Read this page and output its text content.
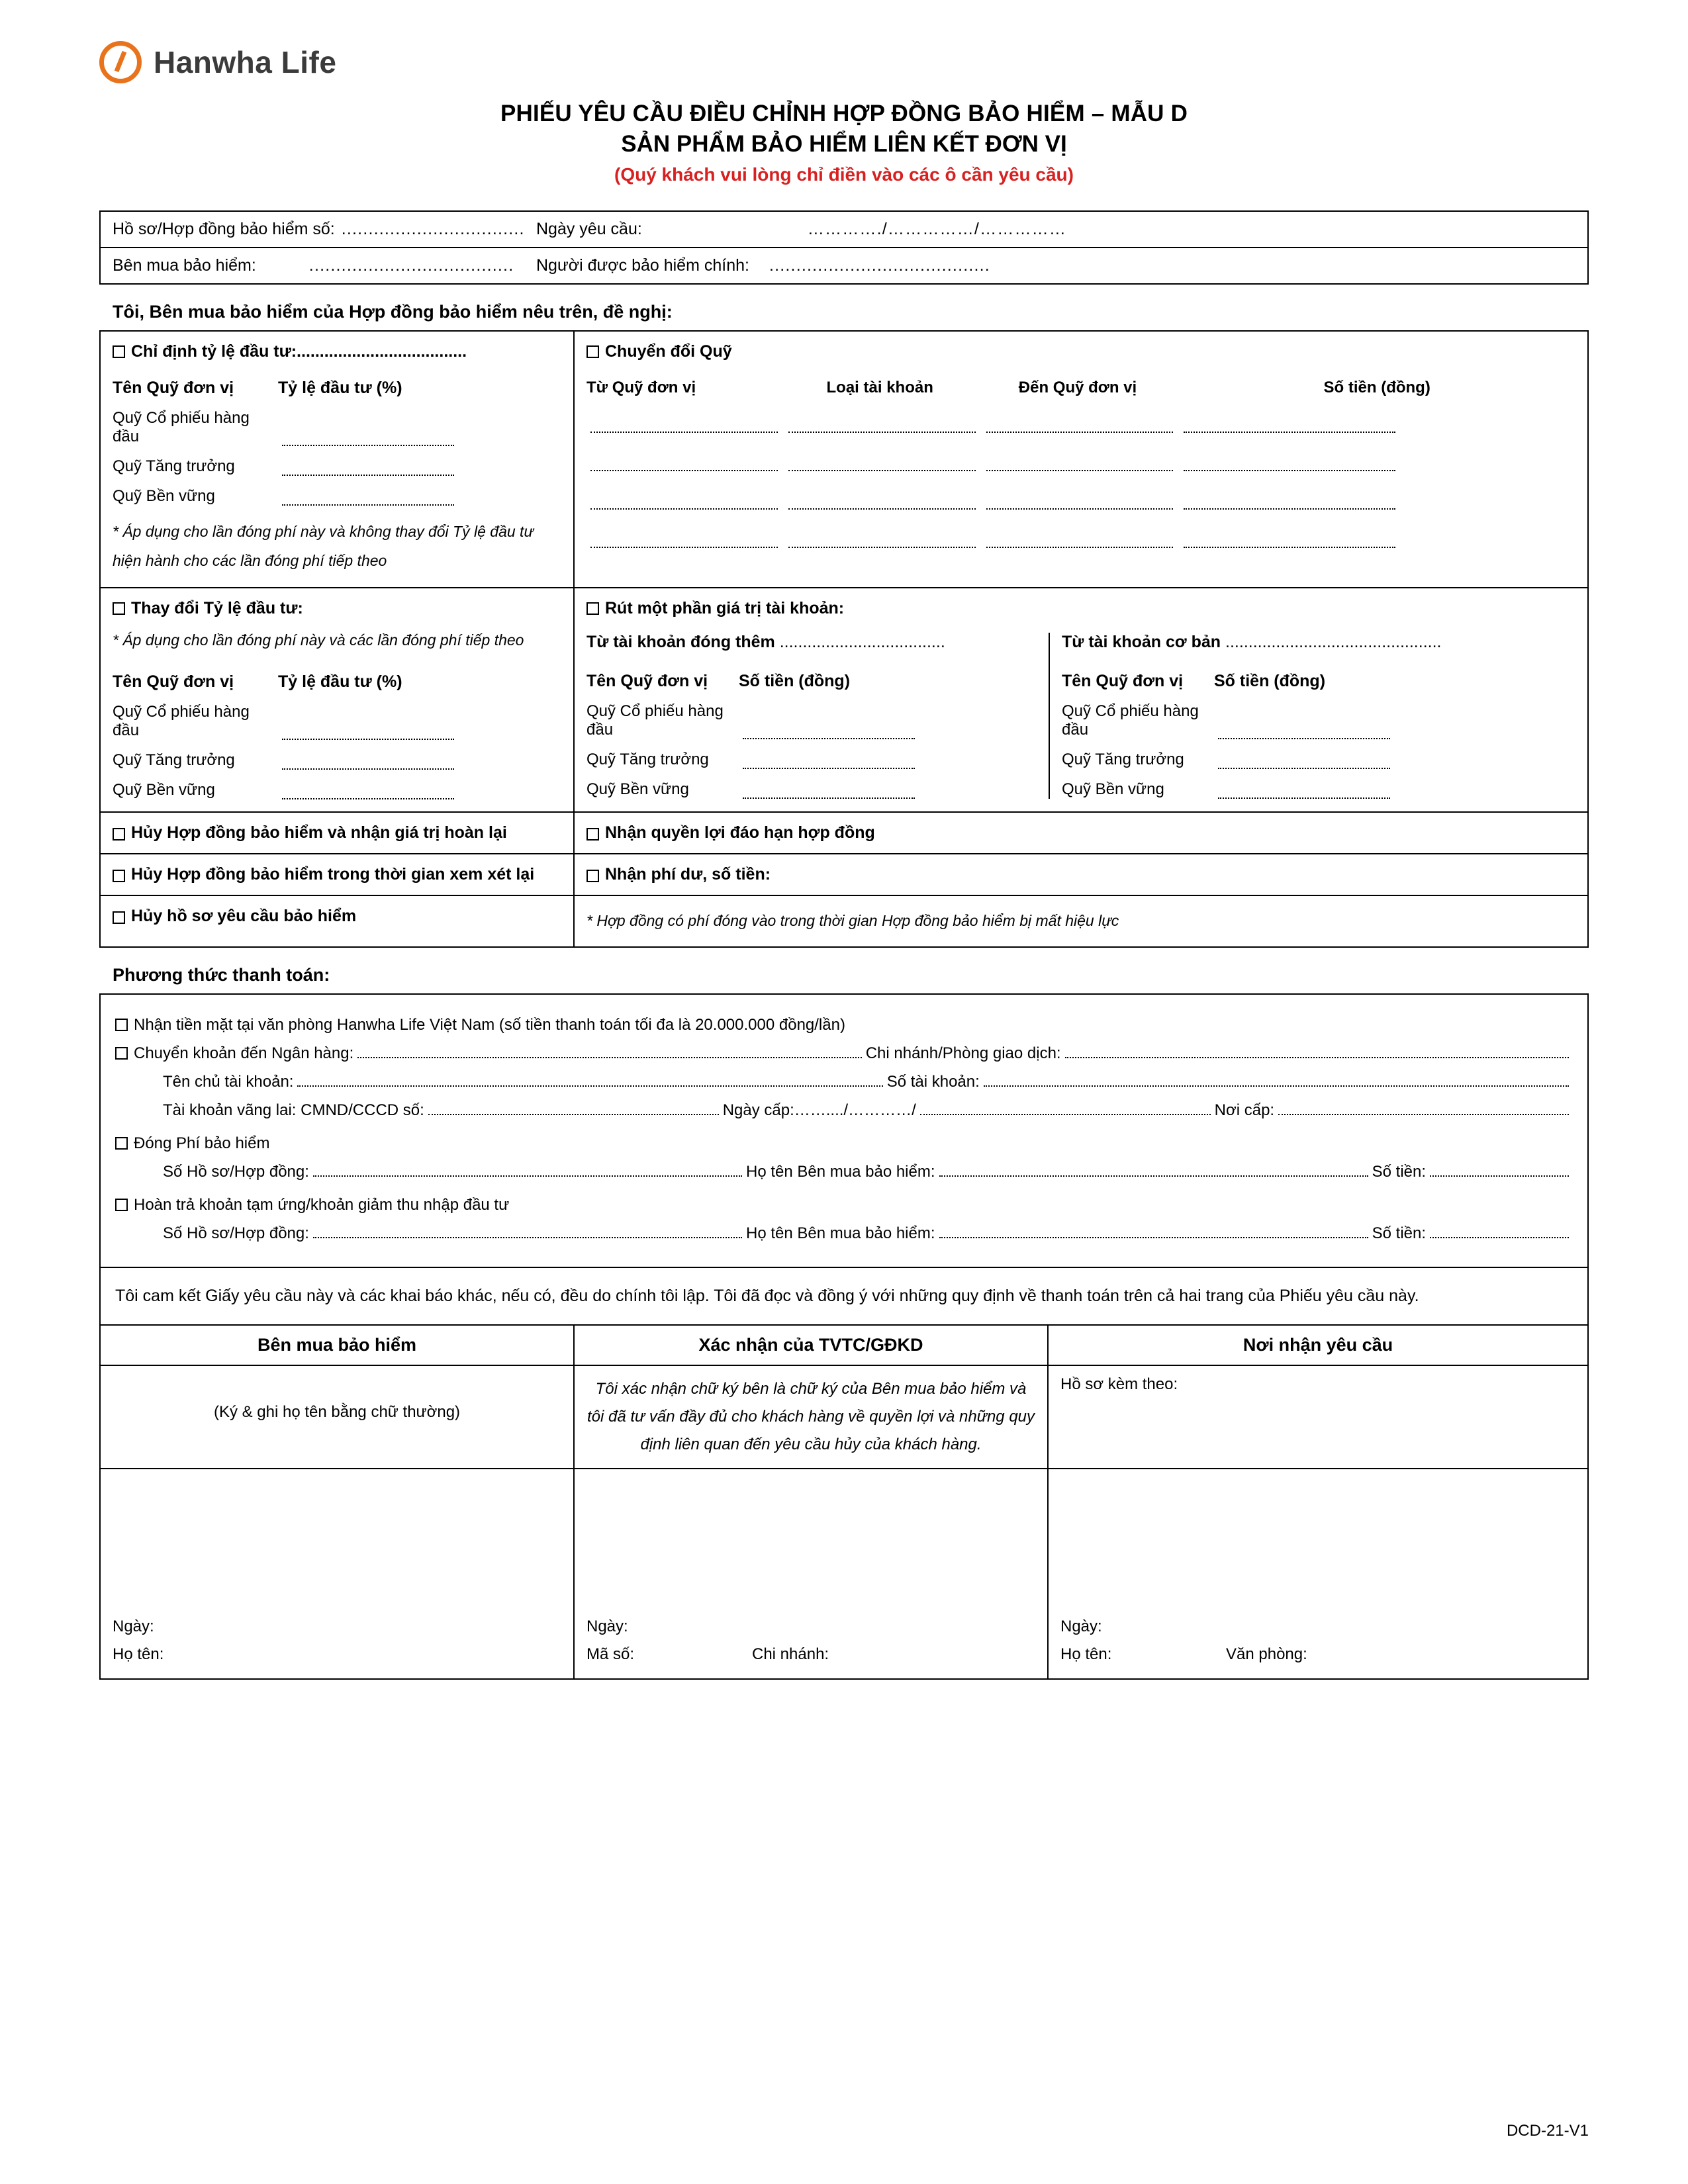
Hanwha Life
PHIẾU YÊU CẦU ĐIỀU CHỈNH HỢP ĐỒNG BẢO HIỂM – MẪU D
SẢN PHẨM BẢO HIỂM LIÊN KẾT ĐƠN VỊ
(Quý khách vui lòng chỉ điền vào các ô cần yêu cầu)
Hồ sơ/Hợp đồng bảo hiểm số: .................................. Ngày yêu cầu:	…………./……………/……………
Bên mua bảo hiểm:	...................................... Người được bảo hiểm chính: .........................................
Tôi, Bên mua bảo hiểm của Hợp đồng bảo hiểm nêu trên, đề nghị:
Chỉ định tỷ lệ đầu tư:.....................................
Tên Quỹ đơn vị	Tỷ lệ đầu tư (%)
Quỹ Cổ phiếu hàng đầu
Quỹ Tăng trưởng
Quỹ Bền vững
* Áp dụng cho lần đóng phí này và không thay đổi Tỷ lệ đầu tư hiện hành cho các lần đóng phí tiếp theo
Chuyển đổi Quỹ
Từ Quỹ đơn vị	Loại tài khoản	Đến Quỹ đơn vị	Số tiền (đồng)
Thay đổi Tỷ lệ đầu tư:
* Áp dụng cho lần đóng phí này và các lần đóng phí tiếp theo
Tên Quỹ đơn vị	Tỷ lệ đầu tư (%)
Quỹ Cổ phiếu hàng đầu
Quỹ Tăng trưởng
Quỹ Bền vững
Rút một phần giá trị tài khoản:
Từ tài khoản đóng thêm ....................................
Tên Quỹ đơn vị	Số tiền (đồng)
Quỹ Cổ phiếu hàng đầu
Quỹ Tăng trưởng
Quỹ Bền vững
Từ tài khoản cơ bản ...............................................
Tên Quỹ đơn vị	Số tiền (đồng)
Quỹ Cổ phiếu hàng đầu
Quỹ Tăng trưởng
Quỹ Bền vững
Hủy Hợp đồng bảo hiểm và nhận giá trị hoàn lại	Nhận quyền lợi đáo hạn hợp đồng
Hủy Hợp đồng bảo hiểm trong thời gian xem xét lại	Nhận phí dư, số tiền:
Hủy hồ sơ yêu cầu bảo hiểm	* Hợp đồng có phí đóng vào trong thời gian Hợp đồng bảo hiểm bị mất hiệu lực
Phương thức thanh toán:
Nhận tiền mặt tại văn phòng Hanwha Life Việt Nam (số tiền thanh toán tối đa là 20.000.000 đồng/lần)
Chuyển khoản đến Ngân hàng:	Chi nhánh/Phòng giao dịch:
Tên chủ tài khoản:	Số tài khoản:
Tài khoản vãng lai: CMND/CCCD số:	Ngày cấp: ……..../…………/	Nơi cấp:
Đóng Phí bảo hiểm
Số Hồ sơ/Hợp đồng:	Họ tên Bên mua bảo hiểm:	Số tiền:
Hoàn trả khoản tạm ứng/khoản giảm thu nhập đầu tư
Số Hồ sơ/Hợp đồng:	Họ tên Bên mua bảo hiểm:	Số tiền:
Tôi cam kết Giấy yêu cầu này và các khai báo khác, nếu có, đều do chính tôi lập. Tôi đã đọc và đồng ý với những quy định về thanh toán trên cả hai trang của Phiếu yêu cầu này.
Bên mua bảo hiểm	Xác nhận của TVTC/GĐKD	Nơi nhận yêu cầu
(Ký & ghi họ tên bằng chữ thường)
Tôi xác nhận chữ ký bên là chữ ký của Bên mua bảo hiểm và tôi đã tư vấn đầy đủ cho khách hàng về quyền lợi và những quy định liên quan đến yêu cầu hủy của khách hàng.
Hồ sơ kèm theo:
Ngày:
Họ tên:
Ngày:
Mã số:	Chi nhánh:
Ngày:
Họ tên:	Văn phòng:
DCD-21-V1
